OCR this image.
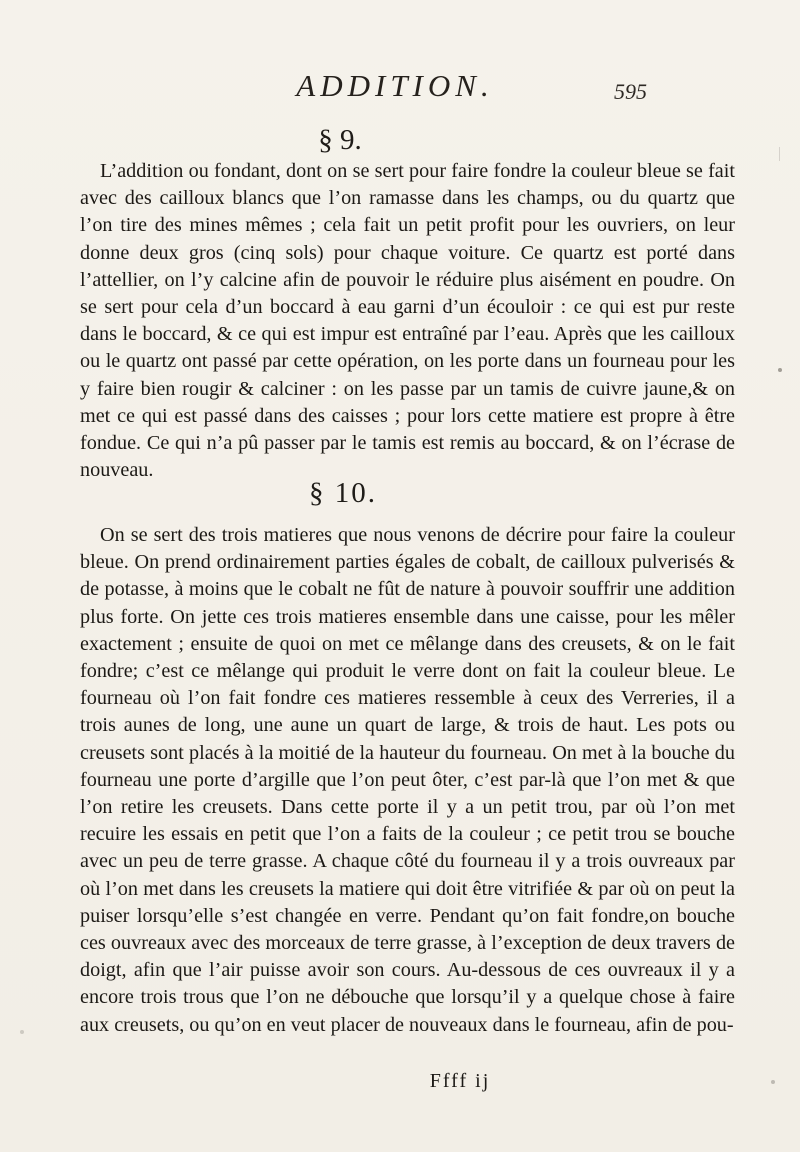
ADDITION.	595
§ 9.
L’addition ou fondant, dont on se sert pour faire fondre la couleur bleue se fait avec des cailloux blancs que l’on ramasse dans les champs, ou du quartz que l’on tire des mines mêmes ; cela fait un petit profit pour les ouvriers, on leur donne deux gros (cinq sols) pour chaque voiture. Ce quartz est porté dans l’attellier, on l’y calcine afin de pouvoir le réduire plus aisément en poudre. On se sert pour cela d’un boccard à eau garni d’un écouloir : ce qui est pur reste dans le boccard, & ce qui est impur est entraîné par l’eau. Après que les cailloux ou le quartz ont passé par cette opération, on les porte dans un fourneau pour les y faire bien rougir & calciner : on les passe par un tamis de cuivre jaune,& on met ce qui est passé dans des caisses ; pour lors cette matiere est propre à être fondue. Ce qui n’a pû passer par le tamis est remis au boccard, & on l’écrase de nouveau.
§ 10.
On se sert des trois matieres que nous venons de décrire pour faire la couleur bleue. On prend ordinairement parties égales de cobalt, de cailloux pulverisés & de potasse, à moins que le cobalt ne fût de nature à pouvoir souffrir une addition plus forte. On jette ces trois matieres ensemble dans une caisse, pour les mêler exactement ; ensuite de quoi on met ce mêlange dans des creusets, & on le fait fondre; c’est ce mêlange qui produit le verre dont on fait la couleur bleue. Le fourneau où l’on fait fondre ces matieres ressemble à ceux des Verreries, il a trois aunes de long, une aune un quart de large, & trois de haut. Les pots ou creusets sont placés à la moitié de la hauteur du fourneau. On met à la bouche du fourneau une porte d’argille que l’on peut ôter, c’est par-là que l’on met & que l’on retire les creusets. Dans cette porte il y a un petit trou, par où l’on met recuire les essais en petit que l’on a faits de la couleur ; ce petit trou se bouche avec un peu de terre grasse. A chaque côté du fourneau il y a trois ouvreaux par où l’on met dans les creusets la matiere qui doit être vitrifiée & par où on peut la puiser lorsqu’elle s’est changée en verre. Pendant qu’on fait fondre,on bouche ces ouvreaux avec des morceaux de terre grasse, à l’exception de deux travers de doigt, afin que l’air puisse avoir son cours. Au-dessous de ces ouvreaux il y a encore trois trous que l’on ne débouche que lorsqu’il y a quelque chose à faire aux creusets, ou qu’on en veut placer de nouveaux dans le fourneau, afin de pou-
Ffff ij
